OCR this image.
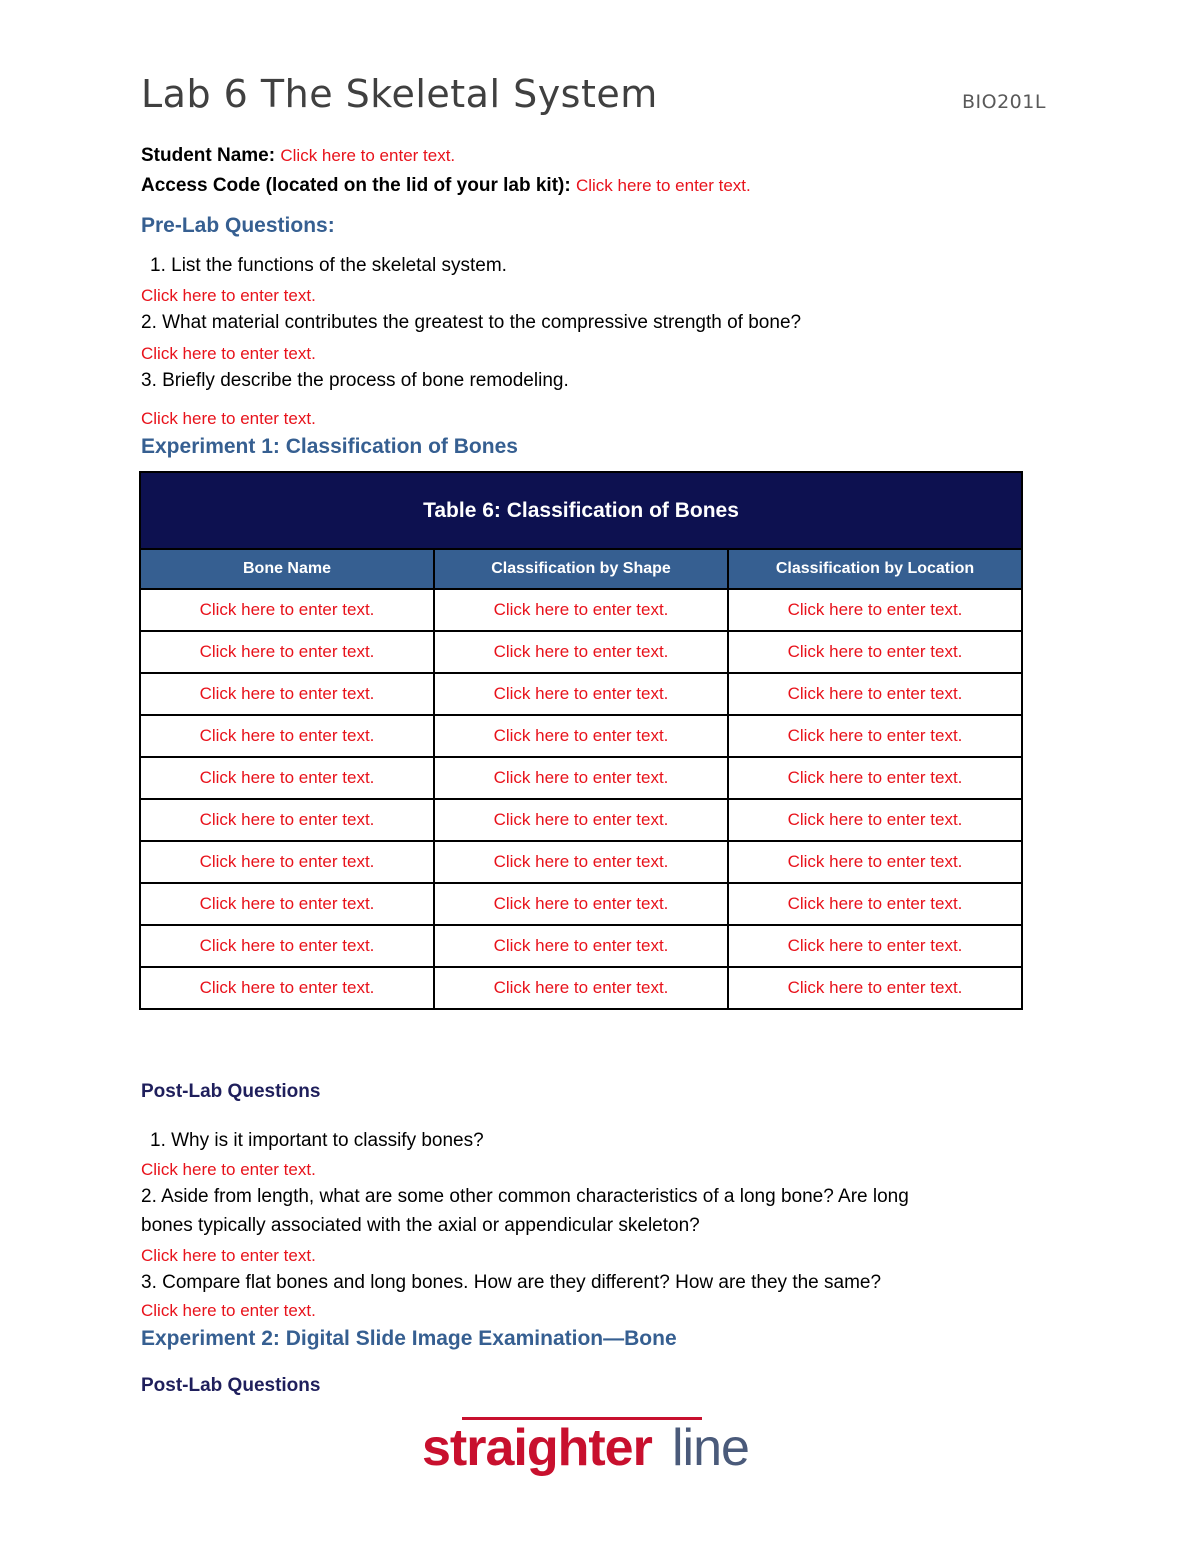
Lab 6 The Skeletal System	BIO201L
Student Name: Click here to enter text.
Access Code (located on the lid of your lab kit): Click here to enter text.
Pre-Lab Questions:
1. List the functions of the skeletal system.
Click here to enter text.
2. What material contributes the greatest to the compressive strength of bone?
Click here to enter text.
3. Briefly describe the process of bone remodeling.
Click here to enter text.
Experiment 1: Classification of Bones
Table 6: Classification of Bones		
Bone Name	Classification by Shape	Classification by Location
Click here to enter text.	Click here to enter text.	Click here to enter text.
Click here to enter text.	Click here to enter text.	Click here to enter text.
Click here to enter text.	Click here to enter text.	Click here to enter text.
Click here to enter text.	Click here to enter text.	Click here to enter text.
Click here to enter text.	Click here to enter text.	Click here to enter text.
Click here to enter text.	Click here to enter text.	Click here to enter text.
Click here to enter text.	Click here to enter text.	Click here to enter text.
Click here to enter text.	Click here to enter text.	Click here to enter text.
Click here to enter text.	Click here to enter text.	Click here to enter text.
Click here to enter text.	Click here to enter text.	Click here to enter text.
Post-Lab Questions
1. Why is it important to classify bones?
Click here to enter text.
2. Aside from length, what are some other common characteristics of a long bone? Are long
bones typically associated with the axial or appendicular skeleton?
Click here to enter text.
3. Compare flat bones and long bones. How are they different? How are they the same?
Click here to enter text.
Experiment 2: Digital Slide Image Examination—Bone
Post-Lab Questions
straighter line
